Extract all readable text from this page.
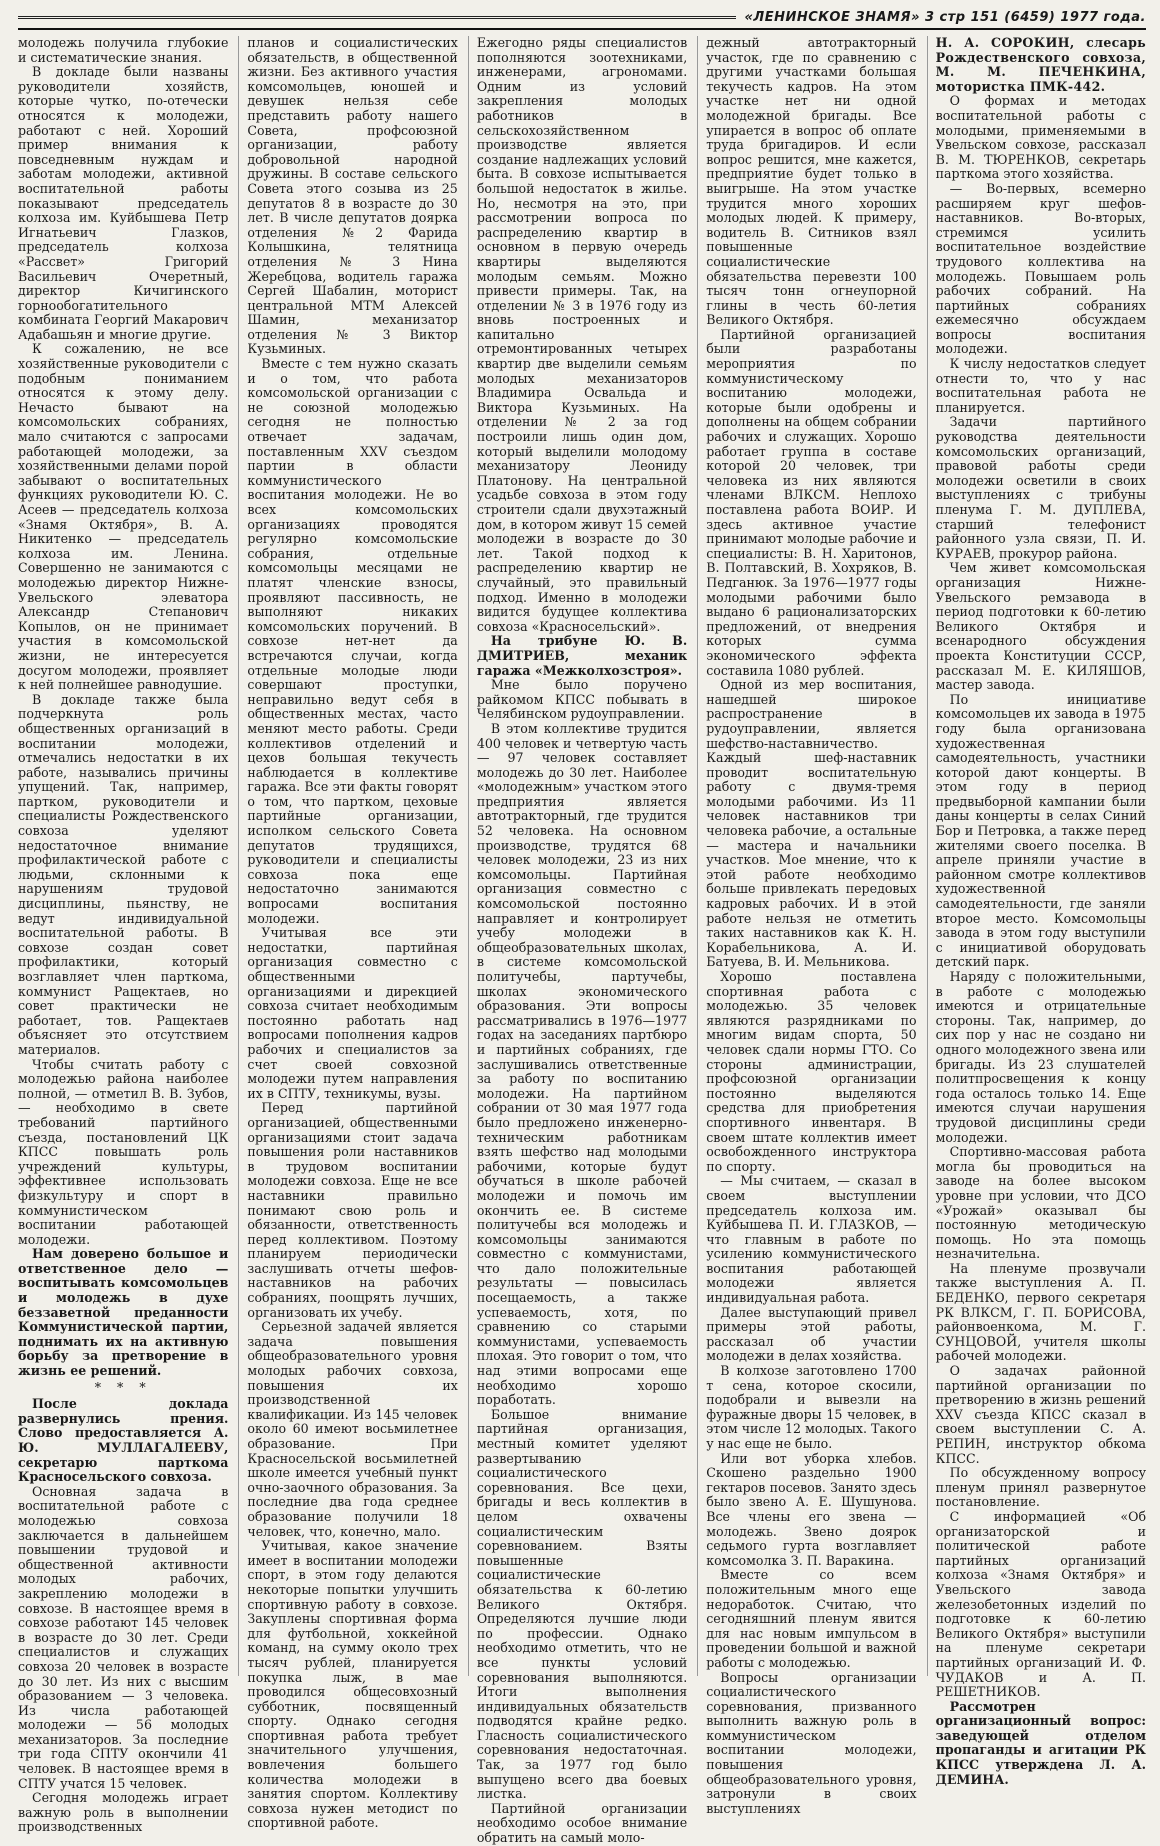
«ЛЕНИНСКОЕ ЗНАМЯ» 3 стр 151 (6459) 1977 года.

молодежь получила глубокие и систематические знания.

В докладе были названы руководители хозяйств, которые чутко, по-отечески относятся к молодежи, работают с ней. Хороший пример внимания к повседневным нуждам и заботам молодежи, активной воспитательной работы показывают председатель колхоза им. Куйбышева Петр Игнатьевич Глазков, председатель колхоза «Рассвет» Григорий Васильевич Очеретный, директор Кичигинского горнообогатительного комбината Георгий Макарович Адабашьян и многие другие.

К сожалению, не все хозяйственные руководители с подобным пониманием относятся к этому делу. Нечасто бывают на комсомольских собраниях, мало считаются с запросами работающей молодежи, за хозяйственными делами порой забывают о воспитательных функциях руководители Ю. С. Асеев — председатель колхоза «Знамя Октября», В. А. Никитенко — председатель колхоза им. Ленина. Совершенно не занимаются с молодежью директор Нижне-Увельского элеватора Александр Степанович Копылов, он не принимает участия в комсомольской жизни, не интересуется досугом молодежи, проявляет к ней полнейшее равнодушие.

В докладе также была подчеркнута роль общественных организаций в воспитании молодежи, отмечались недостатки в их работе, назывались причины упущений. Так, например, партком, руководители и специалисты Рождественского совхоза уделяют недостаточное внимание профилактической работе с людьми, склонными к нарушениям трудовой дисциплины, пьянству, не ведут индивидуальной воспитательной работы. В совхозе создан совет профилактики, который возглавляет член парткома, коммунист Ращектаев, но совет практически не работает, тов. Ращектаев объясняет это отсутствием материалов.

Чтобы считать работу с молодежью района наиболее полной, — отметил В. В. Зубов, — необходимо в свете требований партийного съезда, постановлений ЦК КПСС повышать роль учреждений культуры, эффективнее использовать физкультуру и спорт в коммунистическом воспитании работающей молодежи.

Нам доверено большое и ответственное дело — воспитывать комсомольцев и молодежь в духе беззаветной преданности Коммунистической партии, поднимать их на активную борьбу за претворение в жизнь ее решений.

* * *

После доклада развернулись прения. Слово предоставляется А. Ю. МУЛЛАГАЛЕЕВУ, секретарю парткома Красносельского совхоза.

Основная задача в воспитательной работе с молодежью совхоза заключается в дальнейшем повышении трудовой и общественной активности молодых рабочих, закреплению молодежи в совхозе. В настоящее время в совхозе работают 145 человек в возрасте до 30 лет. Среди специалистов и служащих совхоза 20 человек в возрасте до 30 лет. Из них с высшим образованием — 3 человека. Из числа работающей молодежи — 56 молодых механизаторов. За последние три года СПТУ окончили 41 человек. В настоящее время в СПТУ учатся 15 человек.

Сегодня молодежь играет важную роль в выполнении производственных

планов и социалистических обязательств, в общественной жизни. Без активного участия комсомольцев, юношей и девушек нельзя себе представить работу нашего Совета, профсоюзной организации, работу добровольной народной дружины. В составе сельского Совета этого созыва из 25 депутатов 8 в возрасте до 30 лет. В числе депутатов доярка отделения №2 Фарида Колышкина, телятница отделения № 3 Нина Жеребцова, водитель гаража Сергей Шабалин, моторист центральной МТМ Алексей Шамин, механизатор отделения № 3 Виктор Кузьминых.

Вместе с тем нужно сказать и о том, что работа комсомольской организации с не союзной молодежью сегодня не полностью отвечает задачам, поставленным XXV съездом партии в области коммунистического воспитания молодежи. Не во всех комсомольских организациях проводятся регулярно комсомольские собрания, отдельные комсомольцы месяцами не платят членские взносы, проявляют пассивность, не выполняют никаких комсомольских поручений. В совхозе нет-нет да встречаются случаи, когда отдельные молодые люди совершают проступки, неправильно ведут себя в общественных местах, часто меняют место работы. Среди коллективов отделений и цехов большая текучесть наблюдается в коллективе гаража. Все эти факты говорят о том, что партком, цеховые партийные организации, исполком сельского Совета депутатов трудящихся, руководители и специалисты совхоза пока еще недостаточно занимаются вопросами воспитания молодежи.

Учитывая все эти недостатки, партийная организация совместно с общественными организациями и дирекцией совхоза считает необходимым постоянно работать над вопросами пополнения кадров рабочих и специалистов за счет своей совхозной молодежи путем направления их в СПТУ, техникумы, вузы.

Перед партийной организацией, общественными организациями стоит задача повышения роли наставников в трудовом воспитании молодежи совхоза. Еще не все наставники правильно понимают свою роль и обязанности, ответственность перед коллективом. Поэтому планируем периодически заслушивать отчеты шефов-наставников на рабочих собраниях, поощрять лучших, организовать их учебу.

Серьезной задачей является задача повышения общеобразовательного уровня молодых рабочих совхоза, повышения их производственной квалификации. Из 145 человек около 60 имеют восьмилетнее образование. При Красносельской восьмилетней школе имеется учебный пункт очно-заочного образования. За последние два года среднее образование получили 18 человек, что, конечно, мало.

Учитывая, какое значение имеет в воспитании молодежи спорт, в этом году делаются некоторые попытки улучшить спортивную работу в совхозе. Закуплены спортивная форма для футбольной, хоккейной команд, на сумму около трех тысяч рублей, планируется покупка лыж, в мае проводился общесовхозный субботник, посвященный спорту. Однако сегодня спортивная работа требует значительного улучшения, вовлечения большего количества молодежи в занятия спортом. Коллективу совхоза нужен методист по спортивной работе.

Ежегодно ряды специалистов пополняются зоотехниками, инженерами, агрономами. Одним из условий закрепления молодых работников в сельскохозяйственном производстве является создание надлежащих условий быта. В совхозе испытывается большой недостаток в жилье. Но, несмотря на это, при рассмотрении вопроса по распределению квартир в основном в первую очередь квартиры выделяются молодым семьям. Можно привести примеры. Так, на отделении № 3 в 1976 году из вновь построенных и капитально отремонтированных четырех квартир две выделили семьям молодых механизаторов Владимира Освальда и Виктора Кузьминых. На отделении № 2 за год построили лишь один дом, который выделили молодому механизатору Леониду Платонову. На центральной усадьбе совхоза в этом году строители сдали двухэтажный дом, в котором живут 15 семей молодежи в возрасте до 30 лет. Такой подход к распределению квартир не случайный, это правильный подход. Именно в молодежи видится будущее коллектива совхоза «Красносельский».

На трибуне Ю. В. ДМИТРИЕВ, механик гаража «Межколхозстроя».

Мне было поручено райкомом КПСС побывать в Челябинском рудоуправлении.

В этом коллективе трудится 400 человек и четвертую часть — 97 человек составляет молодежь до 30 лет. Наиболее «молодежным» участком этого предприятия является автотракторный, где трудится 52 человека. На основном производстве, трудятся 68 человек молодежи, 23 из них комсомольцы. Партийная организация совместно с комсомольской постоянно направляет и контролирует учебу молодежи в общеобразовательных школах, в системе комсомольской политучебы, партучебы, школах экономического образования. Эти вопросы рассматривались в 1976—1977 годах на заседаниях партбюро и партийных собраниях, где заслушивались ответственные за работу по воспитанию молодежи. На партийном собрании от 30 мая 1977 года было предложено инженерно-техническим работникам взять шефство над молодыми рабочими, которые будут обучаться в школе рабочей молодежи и помочь им окончить ее. В системе политучебы вся молодежь и комсомольцы занимаются совместно с коммунистами, что дало положительные результаты — повысилась посещаемость, а также успеваемость, хотя, по сравнению со старыми коммунистами, успеваемость плохая. Это говорит о том, что над этими вопросами еще необходимо хорошо поработать.

Большое внимание партийная организация, местный комитет уделяют развертыванию социалистического соревнования. Все цехи, бригады и весь коллектив в целом охвачены социалистическим соревнованием. Взяты повышенные социалистические обязательства к 60-летию Великого Октября. Определяются лучшие люди по профессии. Однако необходимо отметить, что не все пункты условий соревнования выполняются. Итоги выполнения индивидуальных обязательств подводятся крайне редко. Гласность социалистического соревнования недостаточная. Так, за 1977 год было выпущено всего два боевых листка.

Партийной организации необходимо особое внимание обратить на самый моло-

дежный автотракторный участок, где по сравнению с другими участками большая текучесть кадров. На этом участке нет ни одной молодежной бригады. Все упирается в вопрос об оплате труда бригадиров. И если вопрос решится, мне кажется, предприятие будет только в выигрыше. На этом участке трудится много хороших молодых людей. К примеру, водитель В. Ситников взял повышенные социалистические обязательства перевезти 100 тысяч тонн огнеупорной глины в честь 60-летия Великого Октября.

Партийной организацией были разработаны мероприятия по коммунистическому воспитанию молодежи, которые были одобрены и дополнены на общем собрании рабочих и служащих. Хорошо работает группа в составе которой 20 человек, три человека из них являются членами ВЛКСМ. Неплохо поставлена работа ВОИР. И здесь активное участие принимают молодые рабочие и специалисты: В. Н. Харитонов, В. Полтавский, В. Хохряков, В. Педганюк. За 1976—1977 годы молодыми рабочими было выдано 6 рационализаторских предложений, от внедрения которых сумма экономического эффекта составила 1080 рублей.

Одной из мер воспитания, нашедшей широкое распространение в рудоуправлении, является шефство-наставничество. Каждый шеф-наставник проводит воспитательную работу с двумя-тремя молодыми рабочими. Из 11 человек наставников три человека рабочие, а остальные — мастера и начальники участков. Мое мнение, что к этой работе необходимо больше привлекать передовых кадровых рабочих. И в этой работе нельзя не отметить таких наставников как К. Н. Корабельникова, А. И. Батуева, В. И. Мельникова.

Хорошо поставлена спортивная работа с молодежью. 35 человек являются разрядниками по многим видам спорта, 50 человек сдали нормы ГТО. Со стороны администрации, профсоюзной организации постоянно выделяются средства для приобретения спортивного инвентаря. В своем штате коллектив имеет освобожденного инструктора по спорту.

— Мы считаем, — сказал в своем выступлении председатель колхоза им. Куйбышева П. И. ГЛАЗКОВ, — что главным в работе по усилению коммунистического воспитания работающей молодежи является индивидуальная работа.

Далее выступающий привел примеры этой работы, рассказал об участии молодежи в делах хозяйства.

В колхозе заготовлено 1700 т сена, которое скосили, подобрали и вывезли на фуражные дворы 15 человек, в этом числе 12 молодых. Такого у нас еще не было.

Или вот уборка хлебов. Скошено раздельно 1900 гектаров посевов. Занято здесь было звено А. Е. Шушунова. Все члены его звена — молодежь. Звено доярок седьмого гурта возглавляет комсомолка З. П. Варакина.

Вместе со всем положительным много еще недоработок. Считаю, что сегодняшний пленум явится для нас новым импульсом в проведении большой и важной работы с молодежью.

Вопросы организации социалистического соревнования, призванного выполнить важную роль в коммунистическом воспитании молодежи, повышения общеобразовательного уровня, затронули в своих выступлениях

Н. А. СОРОКИН, слесарь Рождественского совхоза, М. М. ПЕЧЕНКИНА, мотористка ПМК-442.

О формах и методах воспитательной работы с молодыми, применяемыми в Увельском совхозе, рассказал В. М. ТЮРЕНКОВ, секретарь парткома этого хозяйства.

— Во-первых, всемерно расширяем круг шефов-наставников. Во-вторых, стремимся усилить воспитательное воздействие трудового коллектива на молодежь. Повышаем роль рабочих собраний. На партийных собраниях ежемесячно обсуждаем вопросы воспитания молодежи.

К числу недостатков следует отнести то, что у нас воспитательная работа не планируется.

Задачи партийного руководства деятельности комсомольских организаций, правовой работы среди молодежи осветили в своих выступлениях с трибуны пленума Г. М. ДУПЛЕВА, старший телефонист районного узла связи, П. И. КУРАЕВ, прокурор района.

Чем живет комсомольская организация Нижне-Увельского ремзавода в период подготовки к 60-летию Великого Октября и всенародного обсуждения проекта Конституции СССР, рассказал М. Е. КИЛЯШОВ, мастер завода.

По инициативе комсомольцев их завода в 1975 году была организована художественная самодеятельность, участники которой дают концерты. В этом году в период предвыборной кампании были даны концерты в селах Синий Бор и Петровка, а также перед жителями своего поселка. В апреле приняли участие в районном смотре коллективов художественной самодеятельности, где заняли второе место. Комсомольцы завода в этом году выступили с инициативой оборудовать детский парк.

Наряду с положительными, в работе с молодежью имеются и отрицательные стороны. Так, например, до сих пор у нас не создано ни одного молодежного звена или бригады. Из 23 слушателей политпросвещения к концу года осталось только 14. Еще имеются случаи нарушения трудовой дисциплины среди молодежи.

Спортивно-массовая работа могла бы проводиться на заводе на более высоком уровне при условии, что ДСО «Урожай» оказывал бы постоянную методическую помощь. Но эта помощь незначительна.

На пленуме прозвучали также выступления А. П. БЕДЕНКО, первого секретаря РК ВЛКСМ, Г. П. БОРИСОВА, районвоенкома, М. Г. СУНЦОВОЙ, учителя школы рабочей молодежи.

О задачах районной партийной организации по претворению в жизнь решений XXV съезда КПСС сказал в своем выступлении С. А. РЕПИН, инструктор обкома КПСС.

По обсужденному вопросу пленум принял развернутое постановление.

С информацией «Об организаторской и политической работе партийных организаций колхоза «Знамя Октября» и Увельского завода железобетонных изделий по подготовке к 60-летию Великого Октября» выступили на пленуме секретари партийных организаций И. Ф. ЧУДАКОВ и А. П. РЕШЕТНИКОВ.

Рассмотрен организационный вопрос: заведующей отделом пропаганды и агитации РК КПСС утверждена Л. А. ДЕМИНА.
